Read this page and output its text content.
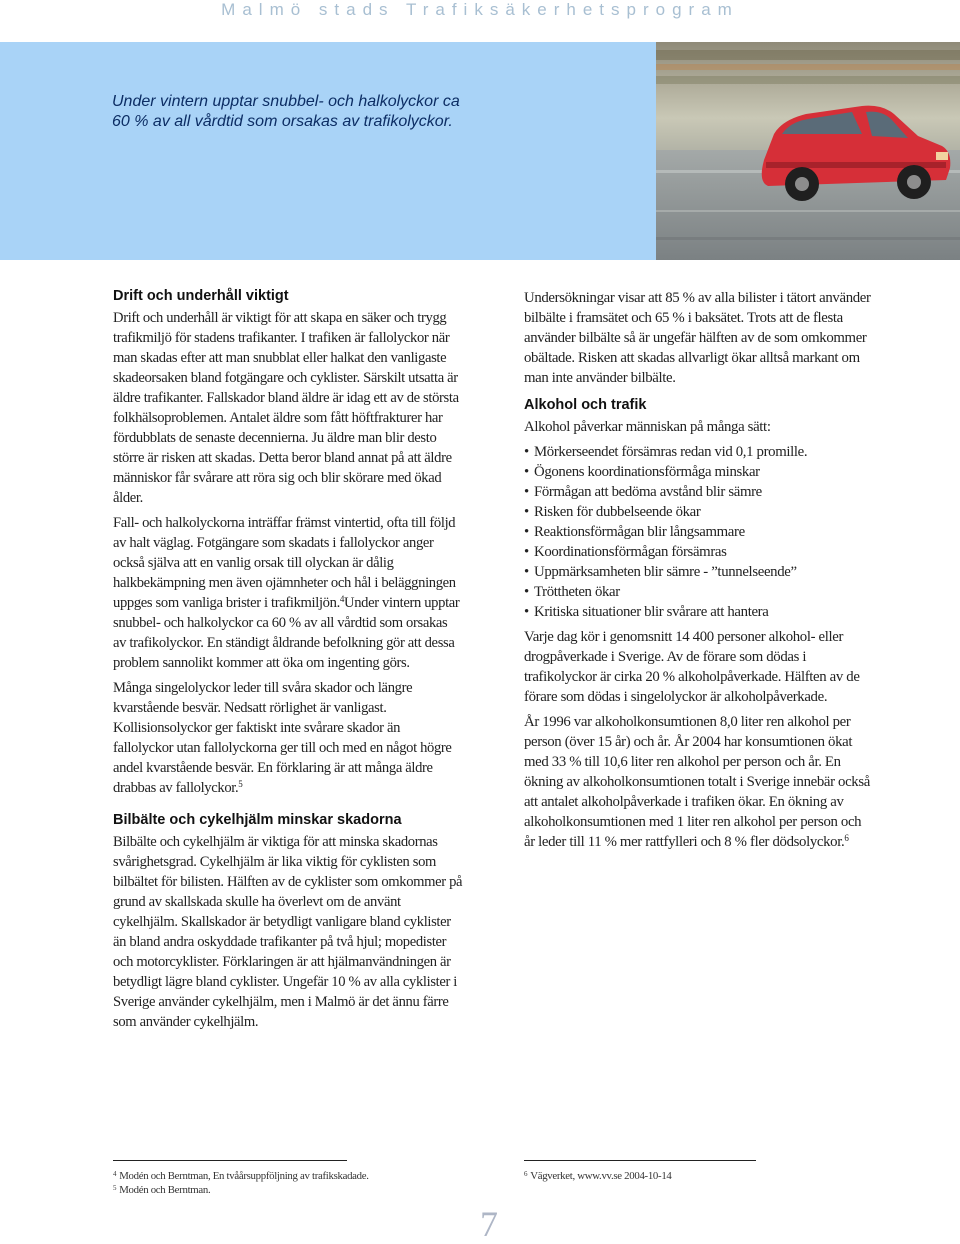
Malmö stads Trafiksäkerhetsprogram
Under vintern upptar snubbel- och halkolyckor ca
60 % av all vårdtid som orsakas av trafikolyckor.
Drift och underhåll viktigt

Drift och underhåll är viktigt för att skapa en säker och trygg trafikmiljö för stadens trafikanter. I trafiken är fallolyckor när man skadas efter att man snubblat eller halkat den vanligaste skadeorsaken bland fotgängare och cyklister. Särskilt utsatta är äldre trafikanter. Fallskador bland äldre är idag ett av de största folkhälsoproblemen. Antalet äldre som fått höftfrakturer har fördubblats de senaste decennierna. Ju äldre man blir desto större är risken att skadas. Detta beror bland annat på att äldre människor får svårare att röra sig och blir skörare med ökad ålder.

Fall- och halkolyckorna inträffar främst vintertid, ofta till följd av halt väglag. Fotgängare som skadats i fallolyckor anger också själva att en vanlig orsak till olyckan är dålig halkbekämpning men även ojämnheter och hål i beläggningen uppges som vanliga brister i trafikmiljön.$^4$Under vintern upptar snubbel- och halkolyckor ca 60 % av all vårdtid som orsakas av trafikolyckor. En ständigt åldrande befolkning gör att dessa problem sannolikt kommer att öka om ingenting görs.

Många singelolyckor leder till svåra skador och längre kvarstående besvär. Nedsatt rörlighet är vanligast. Kollisionsolyckor ger faktiskt inte svårare skador än fallolyckor utan fallolyckorna ger till och med en något högre andel kvarstående besvär. En förklaring är att många äldre drabbas av fallolyckor.$^5$

Bilbälte och cykelhjälm minskar skadorna

Bilbälte och cykelhjälm är viktiga för att minska skadornas svårighetsgrad. Cykelhjälm är lika viktig för cyklisten som bilbältet för bilisten. Hälften av de cyklister som omkommer på grund av skallskada skulle ha överlevt om de använt cykelhjälm. Skallskador är betydligt vanligare bland cyklister än bland andra oskyddade trafikanter på två hjul; mopedister och motorcyklister. Förklaringen är att hjälmanvändningen är betydligt lägre bland cyklister. Ungefär 10 % av alla cyklister i Sverige använder cykelhjälm, men i Malmö är det ännu färre som använder cykelhjälm.

Undersökningar visar att 85 % av alla bilister i tätort använder bilbälte i framsätet och 65 % i baksätet. Trots att de flesta använder bilbälte så är ungefär hälften av de som omkommer obältade. Risken att skadas allvarligt ökar alltså markant om man inte använder bilbälte.

Alkohol och trafik

Alkohol påverkar människan på många sätt:

• Mörkerseendet försämras redan vid 0,1 promille.
• Ögonens koordinationsförmåga minskar
• Förmågan att bedöma avstånd blir sämre
• Risken för dubbelseende ökar
• Reaktionsförmågan blir långsammare
• Koordinationsförmågan försämras
• Uppmärksamheten blir sämre - ”tunnelseende”
• Tröttheten ökar
• Kritiska situationer blir svårare att hantera

Varje dag kör i genomsnitt 14 400 personer alkohol- eller drogpåverkade i Sverige. Av de förare som dödas i trafikolyckor är cirka 20 % alkoholpåverkade. Hälften av de förare som dödas i singelolyckor är alkoholpåverkade.

År 1996 var alkoholkonsumtionen 8,0 liter ren alkohol per person (över 15 år) och år. År 2004 har konsumtionen ökat med 33 % till 10,6 liter ren alkohol per person och år. En ökning av alkoholkonsumtionen totalt i Sverige innebär också att antalet alkoholpåverkade i trafiken ökar. En ökning av alkoholkonsumtionen med 1 liter ren alkohol per person och år leder till 11 % mer rattfylleri och 8 % fler dödsolyckor.$^6$

$^4$ Modén och Berntman, En tvåårsuppföljning av trafikskadade.
$^5$ Modén och Berntman.
$^6$ Vägverket, www.vv.se 2004-10-14
7
